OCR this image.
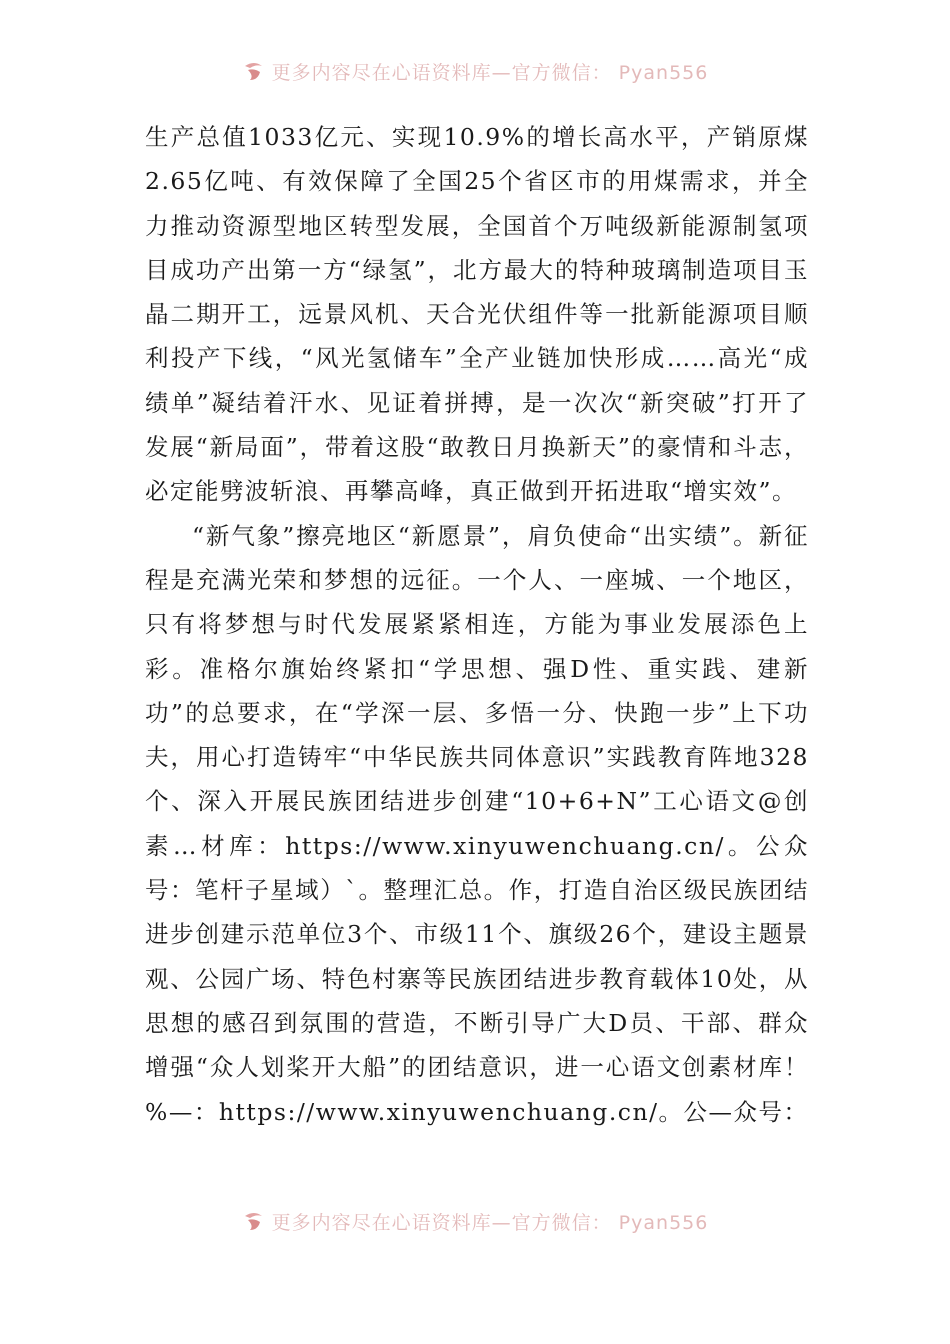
更多内容尽在心语资料库—官方微信： Pyan556

生产总值1033亿元、实现10.9%的增长高水平，产销原煤2.65亿吨、有效保障了全国25个省区市的用煤需求，并全力推动资源型地区转型发展，全国首个万吨级新能源制氢项目成功产出第一方“绿氢”，北方最大的特种玻璃制造项目玉晶二期开工，远景风机、天合光伏组件等一批新能源项目顺利投产下线，“风光氢储车”全产业链加快形成……高光“成绩单”凝结着汗水、见证着拼搏，是一次次“新突破”打开了发展“新局面”，带着这股“敢教日月换新天”的豪情和斗志，必定能劈波斩浪、再攀高峰，真正做到开拓进取“增实效”。

“新气象”擦亮地区“新愿景”，肩负使命“出实绩”。新征程是充满光荣和梦想的远征。一个人、一座城、一个地区，只有将梦想与时代发展紧紧相连，方能为事业发展添色上彩。准格尔旗始终紧扣“学思想、强D性、重实践、建新功”的总要求，在“学深一层、多悟一分、快跑一步”上下功夫，用心打造铸牢“中华民族共同体意识”实践教育阵地328个、深入开展民族团结进步创建“10+6+N”工心语文@创素…材库：https://www.xinyuwenchuang.cn/。公众号：笔杆子星域）`。整理汇总。作，打造自治区级民族团结进步创建示范单位3个、市级11个、旗级26个，建设主题景观、公园广场、特色村寨等民族团结进步教育载体10处，从思想的感召到氛围的营造，不断引导广大D员、干部、群众增强“众人划桨开大船”的团结意识，进一心语文创素材库！%—：https://www.xinyuwenchuang.cn/。公—众号：

更多内容尽在心语资料库—官方微信： Pyan556
